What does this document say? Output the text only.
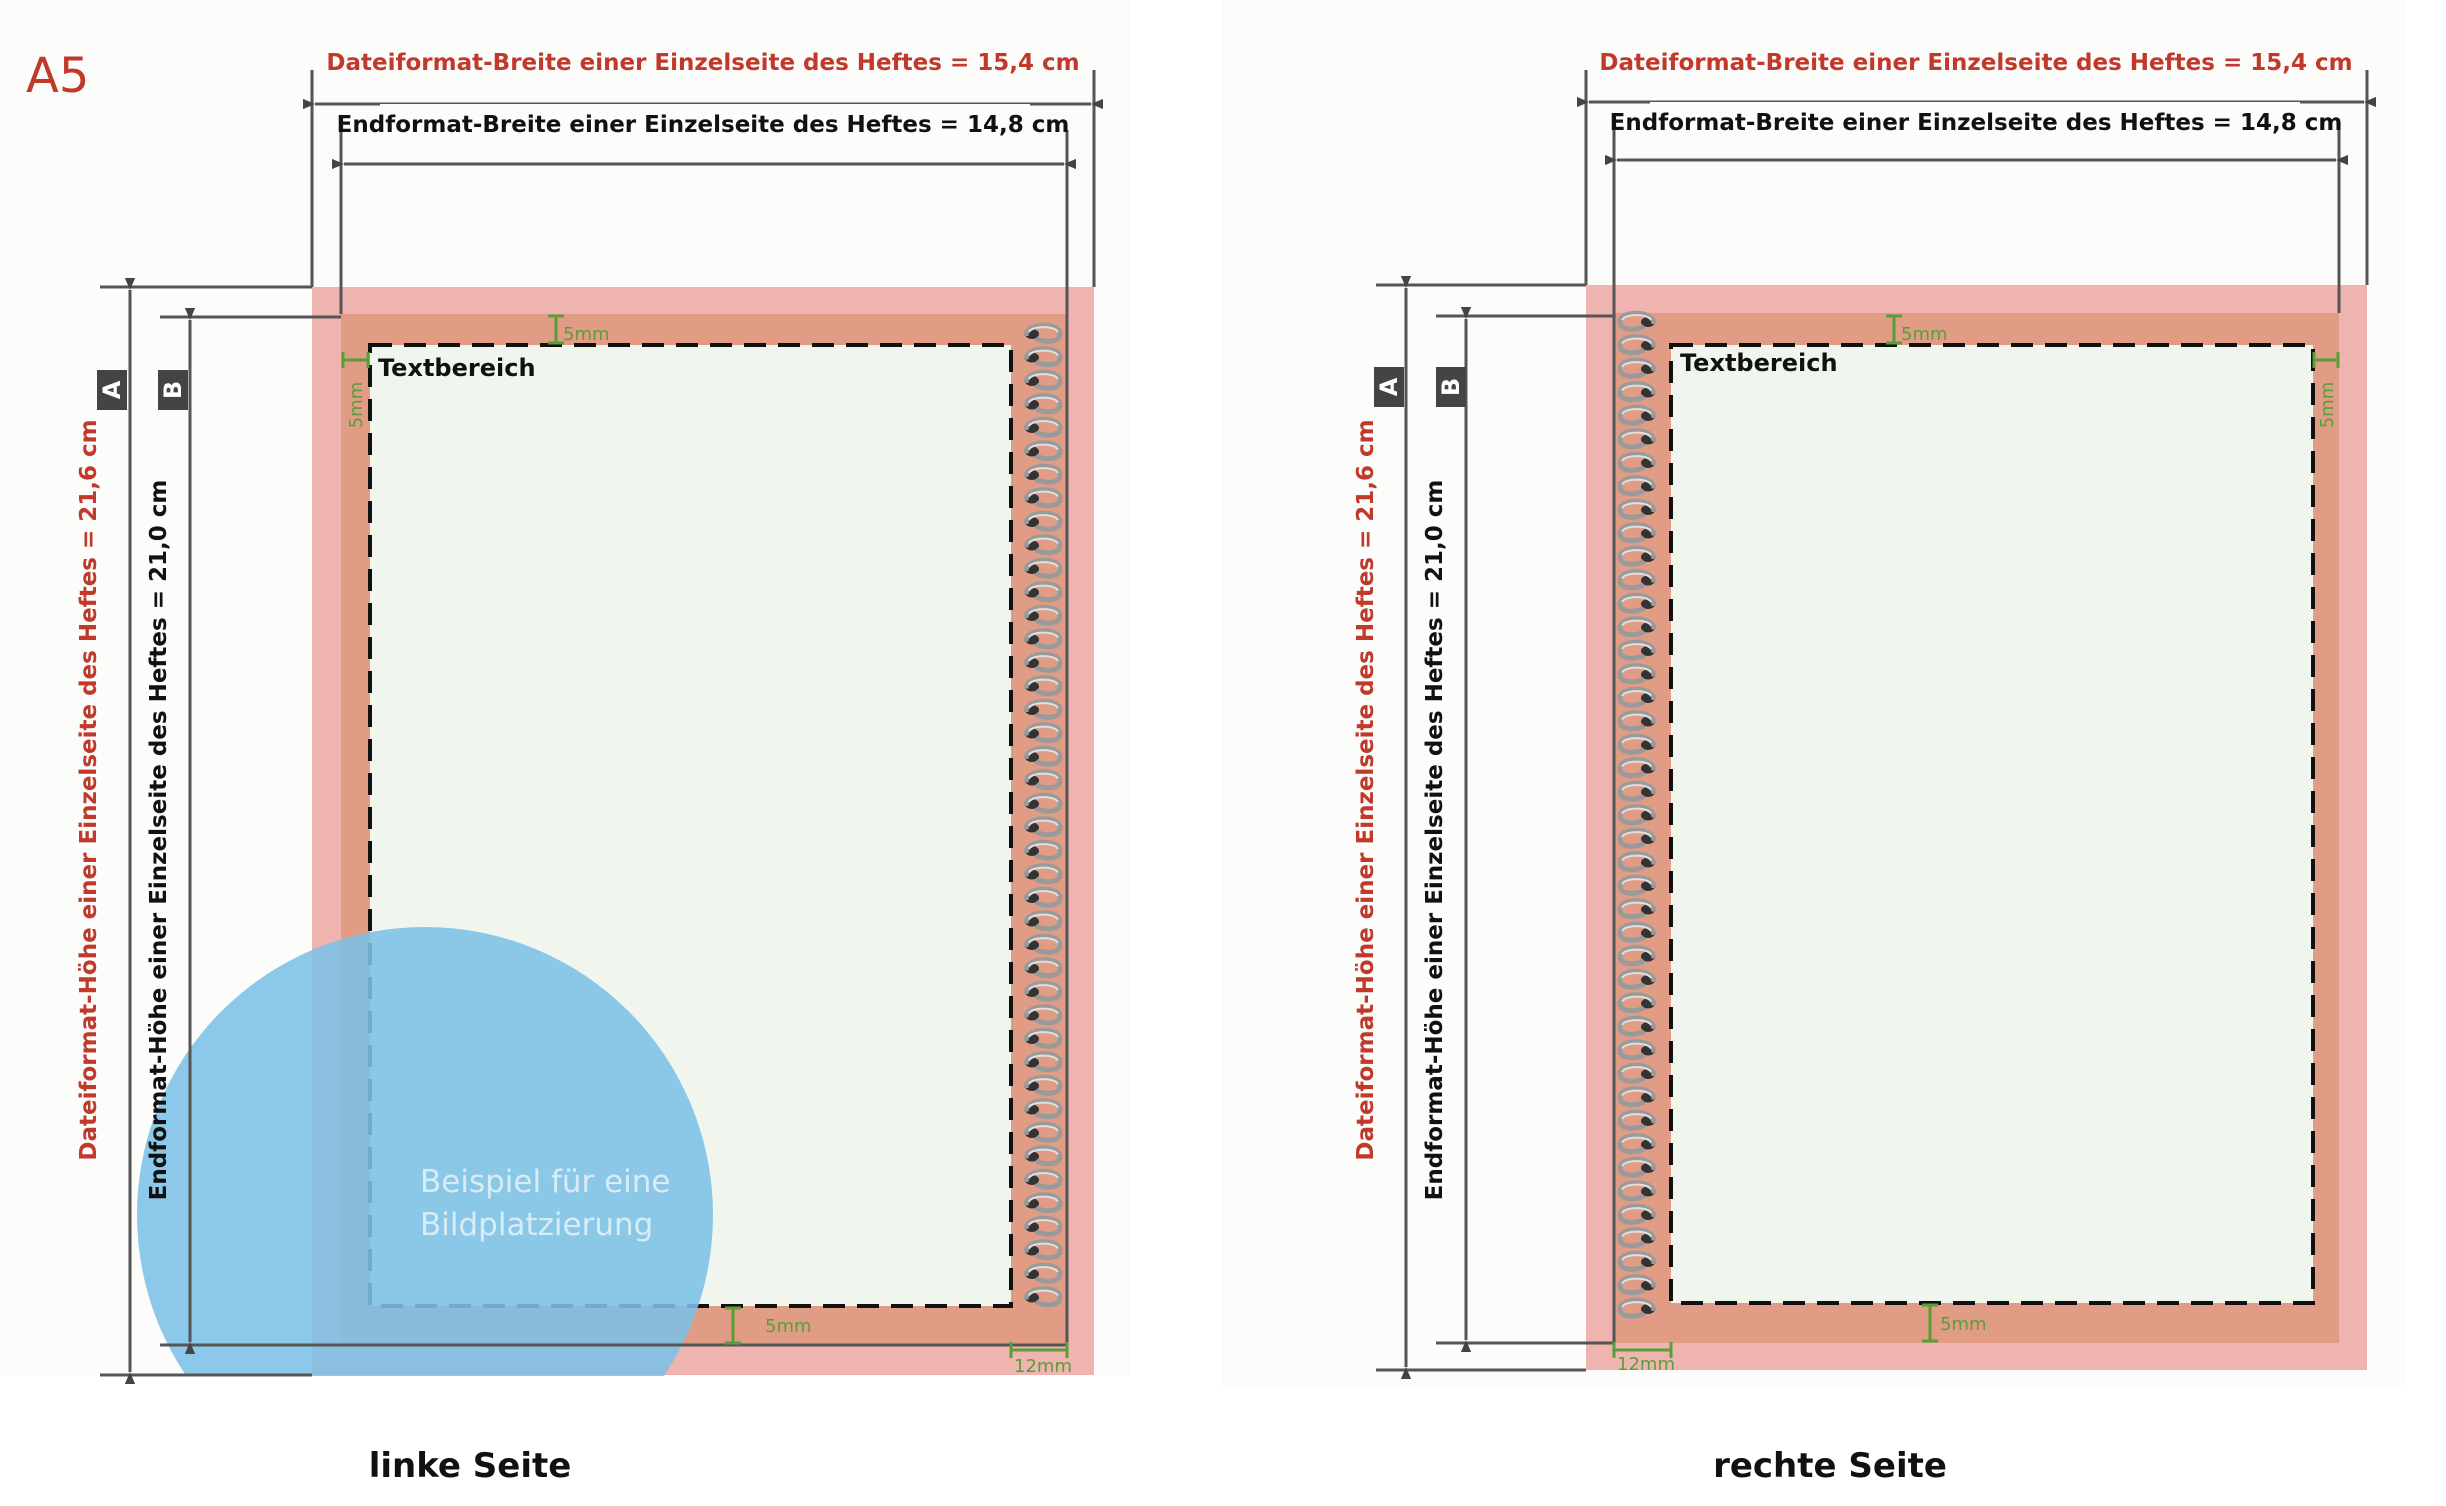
A5
Beispiel für eine
Bildplatzierung
Textbereich
Dateiformat-Breite einer Einzelseite des Heftes = 15,4 cm
Endformat-Breite einer Einzelseite des Heftes = 14,8 cm
Dateiformat-Höhe einer Einzelseite des Heftes = 21,6 cm Endformat-Höhe einer Einzelseite des Heftes = 21,0 cm
A B
5mm
5mm
5mm
12mm
Textbereich
Dateiformat-Breite einer Einzelseite des Heftes = 15,4 cm
Endformat-Breite einer Einzelseite des Heftes = 14,8 cm
Dateiformat-Höhe einer Einzelseite des Heftes = 21,6 cm Endformat-Höhe einer Einzelseite des Heftes = 21,0 cm
A B
5mm
5mm
5mm
12mm
linke Seite	rechte Seite
